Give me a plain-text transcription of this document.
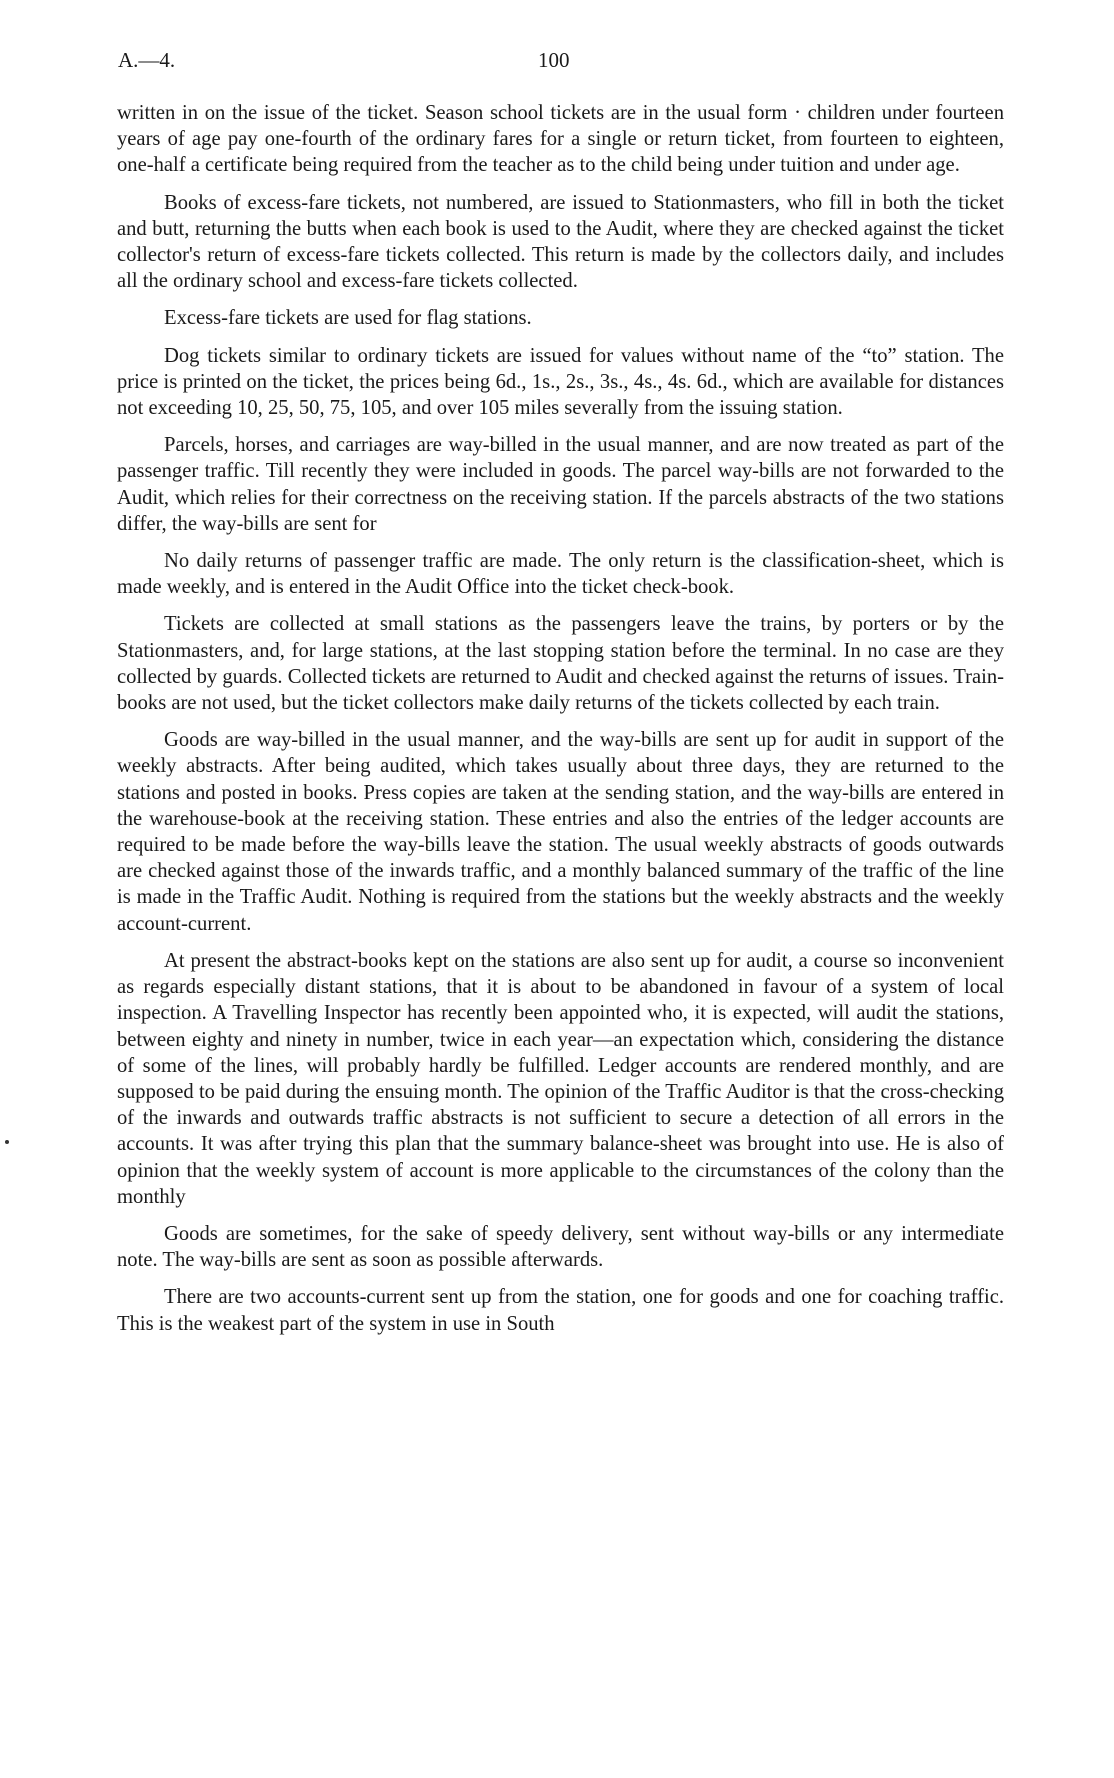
A.—4.	100

written in on the issue of the ticket. Season school tickets are in the usual form · children under fourteen years of age pay one-fourth of the ordinary fares for a single or return ticket, from fourteen to eighteen, one-half a certificate being required from the teacher as to the child being under tuition and under age.

Books of excess-fare tickets, not numbered, are issued to Stationmasters, who fill in both the ticket and butt, returning the butts when each book is used to the Audit, where they are checked against the ticket collector's return of excess-fare tickets collected. This return is made by the collectors daily, and includes all the ordinary school and excess-fare tickets collected.

Excess-fare tickets are used for flag stations.

Dog tickets similar to ordinary tickets are issued for values without name of the “to” station. The price is printed on the ticket, the prices being 6d., 1s., 2s., 3s., 4s., 4s. 6d., which are available for distances not exceeding 10, 25, 50, 75, 105, and over 105 miles severally from the issuing station.

Parcels, horses, and carriages are way-billed in the usual manner, and are now treated as part of the passenger traffic. Till recently they were included in goods. The parcel way-bills are not forwarded to the Audit, which relies for their correctness on the receiving station. If the parcels abstracts of the two stations differ, the way-bills are sent for

No daily returns of passenger traffic are made. The only return is the classification-sheet, which is made weekly, and is entered in the Audit Office into the ticket check-book.

Tickets are collected at small stations as the passengers leave the trains, by porters or by the Stationmasters, and, for large stations, at the last stopping station before the terminal. In no case are they collected by guards. Collected tickets are returned to Audit and checked against the returns of issues. Train-books are not used, but the ticket collectors make daily returns of the tickets collected by each train.

Goods are way-billed in the usual manner, and the way-bills are sent up for audit in support of the weekly abstracts. After being audited, which takes usually about three days, they are returned to the stations and posted in books. Press copies are taken at the sending station, and the way-bills are entered in the warehouse-book at the receiving station. These entries and also the entries of the ledger accounts are required to be made before the way-bills leave the station. The usual weekly abstracts of goods outwards are checked against those of the inwards traffic, and a monthly balanced summary of the traffic of the line is made in the Traffic Audit. Nothing is required from the stations but the weekly abstracts and the weekly account-current.

At present the abstract-books kept on the stations are also sent up for audit, a course so inconvenient as regards especially distant stations, that it is about to be abandoned in favour of a system of local inspection. A Travelling Inspector has recently been appointed who, it is expected, will audit the stations, between eighty and ninety in number, twice in each year—an expectation which, considering the distance of some of the lines, will probably hardly be fulfilled. Ledger accounts are rendered monthly, and are supposed to be paid during the ensuing month. The opinion of the Traffic Auditor is that the cross-checking of the inwards and outwards traffic abstracts is not sufficient to secure a detection of all errors in the accounts. It was after trying this plan that the summary balance-sheet was brought into use. He is also of opinion that the weekly system of account is more applicable to the circumstances of the colony than the monthly

Goods are sometimes, for the sake of speedy delivery, sent without way-bills or any intermediate note. The way-bills are sent as soon as possible afterwards.

There are two accounts-current sent up from the station, one for goods and one for coaching traffic. This is the weakest part of the system in use in South
